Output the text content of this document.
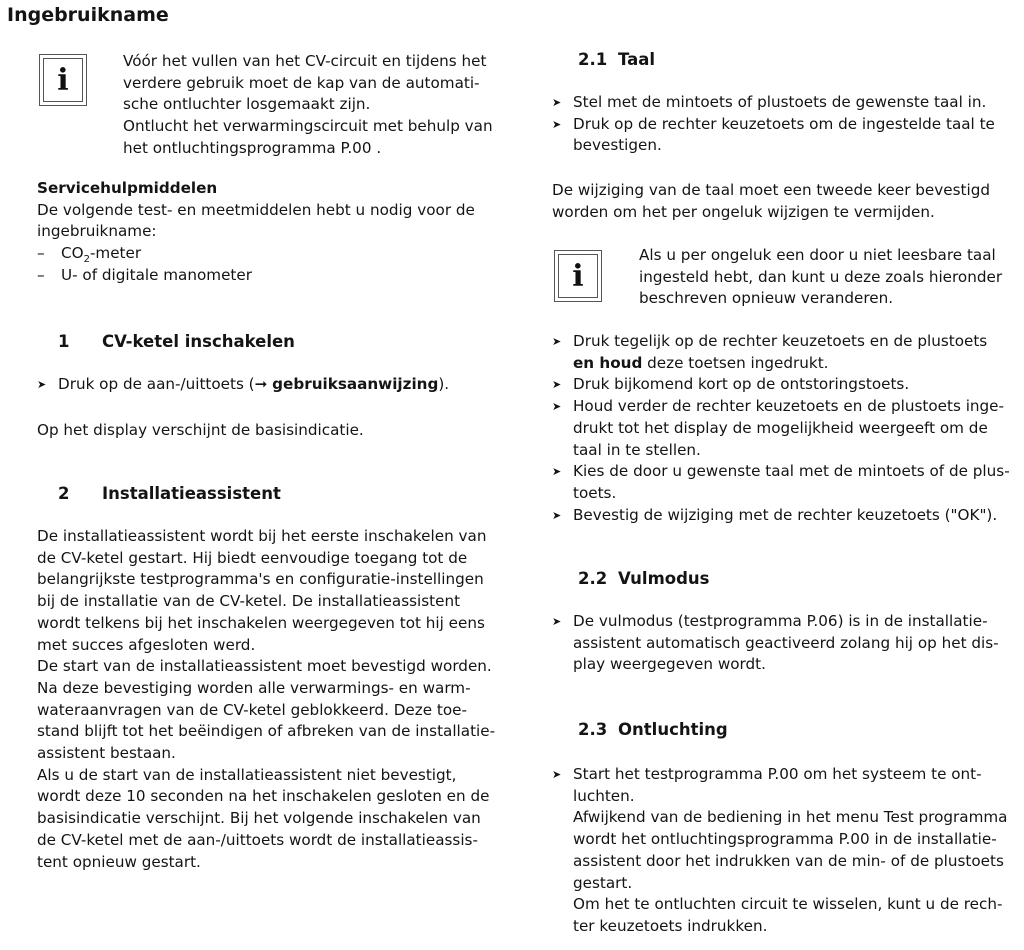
Ingebruikname
i
Vóór het vullen van het CV-circuit en tijdens het
verdere gebruik moet de kap van de automati-
sche ontluchter losgemaakt zijn.
Ontlucht het verwarmingscircuit met behulp van
het ontluchtingsprogramma P.00 .
Servicehulpmiddelen
De volgende test- en meetmiddelen hebt u nodig voor de
ingebruikname:
– $CO_2$-meter
– U- of digitale manometer
1 CV-ketel inschakelen
➤ Druk op de aan-/uittoets (➞ gebruiksaanwijzing).
Op het display verschijnt de basisindicatie.
2 Installatieassistent
De installatieassistent wordt bij het eerste inschakelen van
de CV-ketel gestart. Hij biedt eenvoudige toegang tot de
belangrijkste testprogramma's en configuratie-instellingen
bij de installatie van de CV-ketel. De installatieassistent
wordt telkens bij het inschakelen weergegeven tot hij eens
met succes afgesloten werd.
De start van de installatieassistent moet bevestigd worden.
Na deze bevestiging worden alle verwarmings- en warm-
wateraanvragen van de CV-ketel geblokkeerd. Deze toe-
stand blijft tot het beëindigen of afbreken van de installatie-
assistent bestaan.
Als u de start van de installatieassistent niet bevestigt,
wordt deze 10 seconden na het inschakelen gesloten en de
basisindicatie verschijnt. Bij het volgende inschakelen van
de CV-ketel met de aan-/uittoets wordt de installatieassis-
tent opnieuw gestart.
2.1 Taal
➤ Stel met de mintoets of plustoets de gewenste taal in.
➤ Druk op de rechter keuzetoets om de ingestelde taal te
bevestigen.
De wijziging van de taal moet een tweede keer bevestigd
worden om het per ongeluk wijzigen te vermijden.
i
Als u per ongeluk een door u niet leesbare taal
ingesteld hebt, dan kunt u deze zoals hieronder
beschreven opnieuw veranderen.
➤ Druk tegelijk op de rechter keuzetoets en de plustoets
en houd deze toetsen ingedrukt.
➤ Druk bijkomend kort op de ontstoringstoets.
➤ Houd verder de rechter keuzetoets en de plustoets inge-
drukt tot het display de mogelijkheid weergeeft om de
taal in te stellen.
➤ Kies de door u gewenste taal met de mintoets of de plus-
toets.
➤ Bevestig de wijziging met de rechter keuzetoets ("OK").
2.2 Vulmodus
➤ De vulmodus (testprogramma P.06) is in de installatie-
assistent automatisch geactiveerd zolang hij op het dis-
play weergegeven wordt.
2.3 Ontluchting
➤ Start het testprogramma P.00 om het systeem te ont-
luchten.
Afwijkend van de bediening in het menu Test programma
wordt het ontluchtingsprogramma P.00 in de installatie-
assistent door het indrukken van de min- of de plustoets
gestart.
Om het te ontluchten circuit te wisselen, kunt u de rech-
ter keuzetoets indrukken.
